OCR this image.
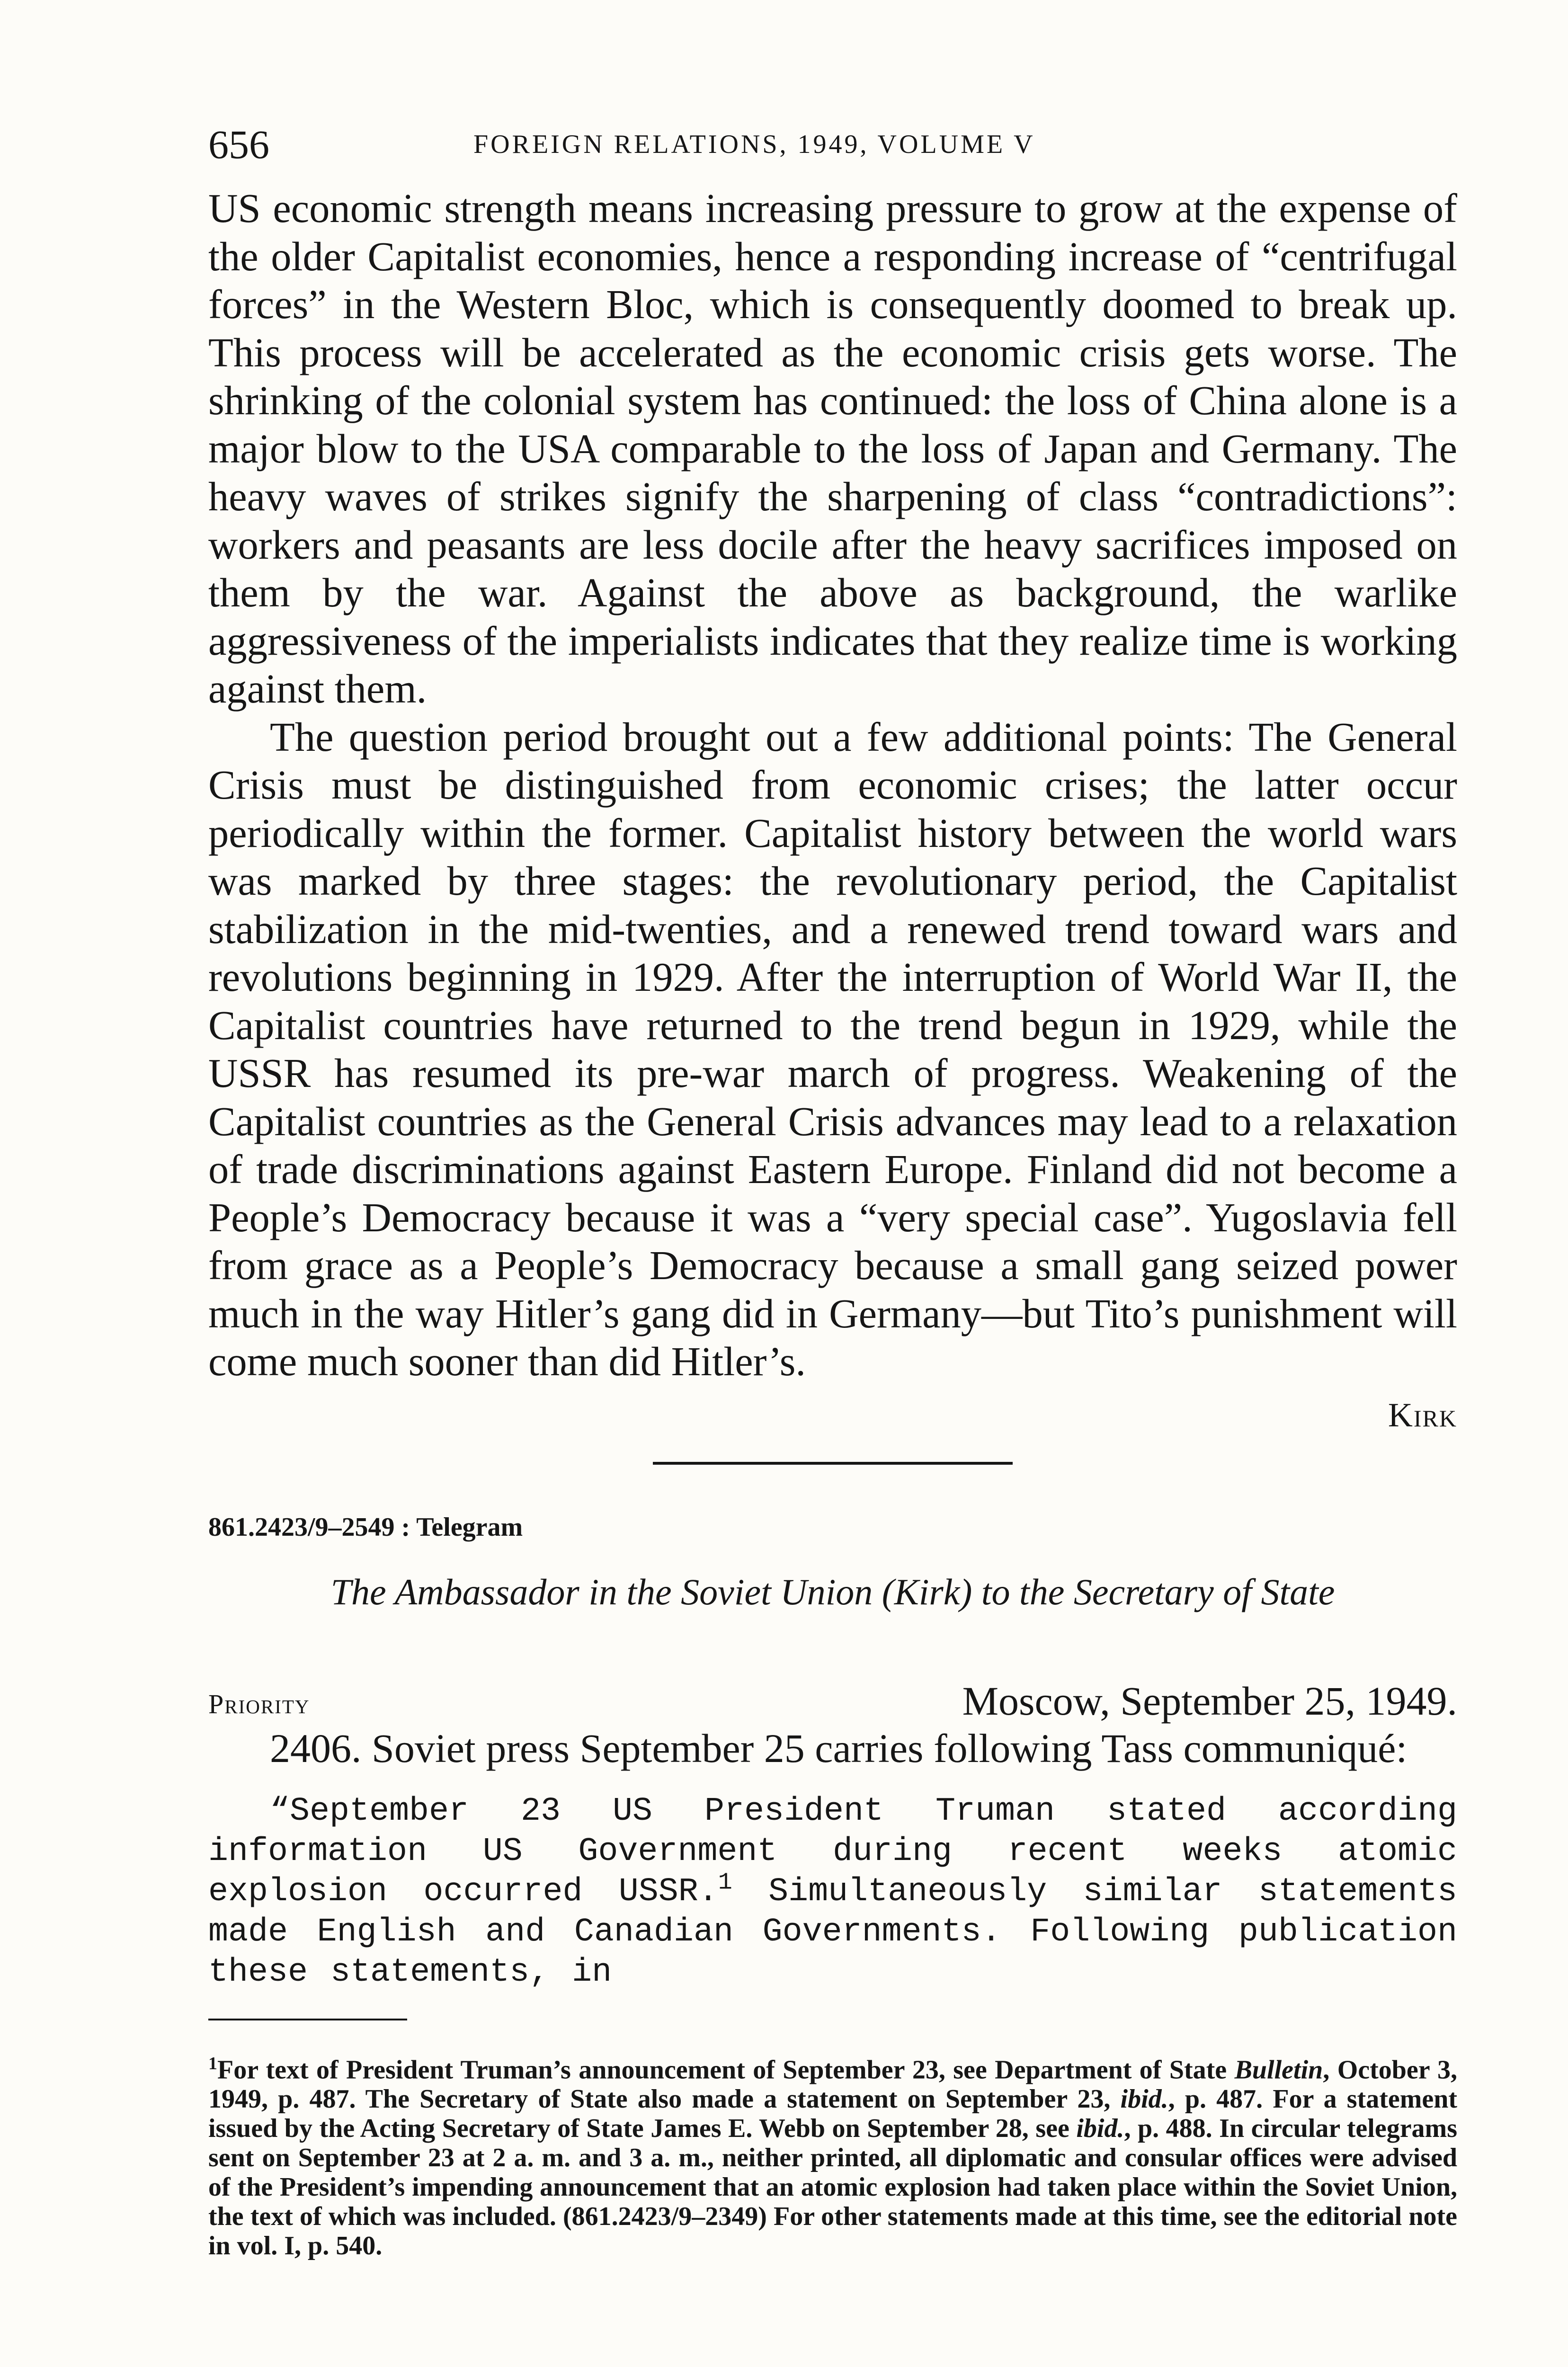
656	FOREIGN RELATIONS, 1949, VOLUME V

US economic strength means increasing pressure to grow at the expense of the older Capitalist economies, hence a responding increase of “centrifugal forces” in the Western Bloc, which is consequently doomed to break up. This process will be accelerated as the economic crisis gets worse. The shrinking of the colonial system has continued: the loss of China alone is a major blow to the USA comparable to the loss of Japan and Germany. The heavy waves of strikes signify the sharpening of class “contradictions”: workers and peasants are less docile after the heavy sacrifices imposed on them by the war. Against the above as background, the warlike aggressiveness of the imperialists indicates that they realize time is working against them.

The question period brought out a few additional points: The General Crisis must be distinguished from economic crises; the latter occur periodically within the former. Capitalist history between the world wars was marked by three stages: the revolutionary period, the Capitalist stabilization in the mid-twenties, and a renewed trend toward wars and revolutions beginning in 1929. After the interruption of World War II, the Capitalist countries have returned to the trend begun in 1929, while the USSR has resumed its pre-war march of progress. Weakening of the Capitalist countries as the General Crisis advances may lead to a relaxation of trade discriminations against Eastern Europe. Finland did not become a People’s Democracy because it was a “very special case”. Yugoslavia fell from grace as a People’s Democracy because a small gang seized power much in the way Hitler’s gang did in Germany—but Tito’s punishment will come much sooner than did Hitler’s.

Kirk
861.2423/9–2549 : Telegram
The Ambassador in the Soviet Union (Kirk) to the Secretary of State
Priority	Moscow, September 25, 1949.

2406. Soviet press September 25 carries following Tass communiqué:

“September 23 US President Truman stated according information US Government during recent weeks atomic explosion occurred USSR.$^1$ Simultaneously similar statements made English and Canadian Governments. Following publication these statements, in

$^1$For text of President Truman’s announcement of September 23, see Department of State Bulletin, October 3, 1949, p. 487. The Secretary of State also made a statement on September 23, ibid., p. 487. For a statement issued by the Acting Secretary of State James E. Webb on September 28, see ibid., p. 488. In circular telegrams sent on September 23 at 2 a. m. and 3 a. m., neither printed, all diplomatic and consular offices were advised of the President’s impending announcement that an atomic explosion had taken place within the Soviet Union, the text of which was included. (861.2423/9–2349) For other statements made at this time, see the editorial note in vol. I, p. 540.
